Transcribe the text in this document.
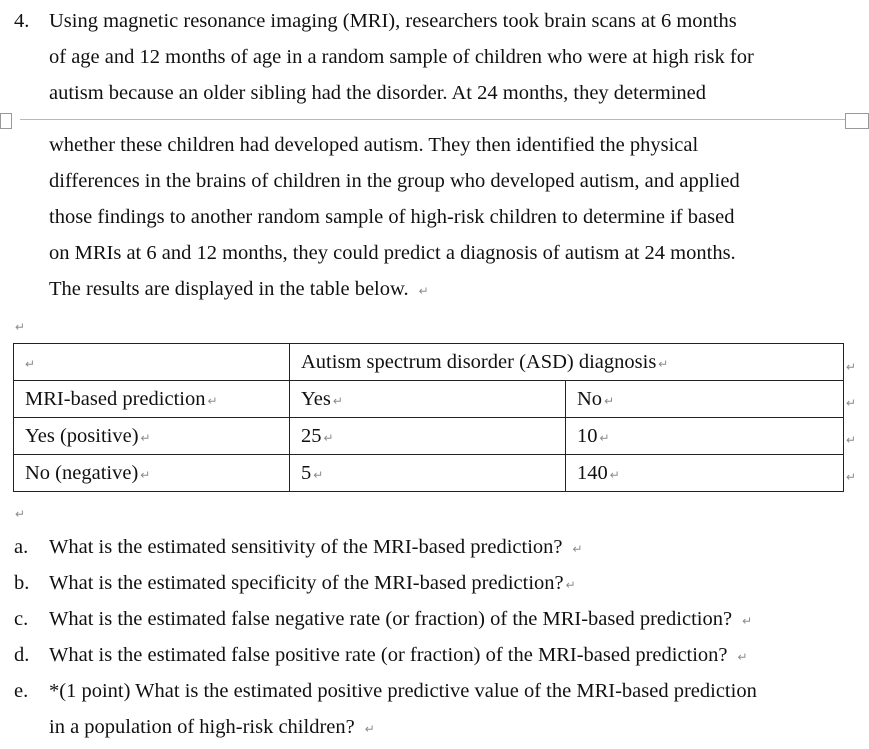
4. Using magnetic resonance imaging (MRI), researchers took brain scans at 6 months
of age and 12 months of age in a random sample of children who were at high risk for
autism because an older sibling had the disorder. At 24 months, they determined
whether these children had developed autism. They then identified the physical
differences in the brains of children in the group who developed autism, and applied
those findings to another random sample of high-risk children to determine if based
on MRIs at 6 and 12 months, they could predict a diagnosis of autism at 24 months.
The results are displayed in the table below. ↵
↵
↵	Autism spectrum disorder (ASD) diagnosis ↵	
MRI-based prediction ↵	Yes ↵	No ↵
Yes (positive) ↵	25 ↵	10 ↵
No (negative) ↵	5 ↵	140 ↵
↵
↵
↵
↵
↵
a. What is the estimated sensitivity of the MRI-based prediction? ↵
b. What is the estimated specificity of the MRI-based prediction? ↵
c. What is the estimated false negative rate (or fraction) of the MRI-based prediction? ↵
d. What is the estimated false positive rate (or fraction) of the MRI-based prediction? ↵
e. *(1 point) What is the estimated positive predictive value of the MRI-based prediction
in a population of high-risk children? ↵
